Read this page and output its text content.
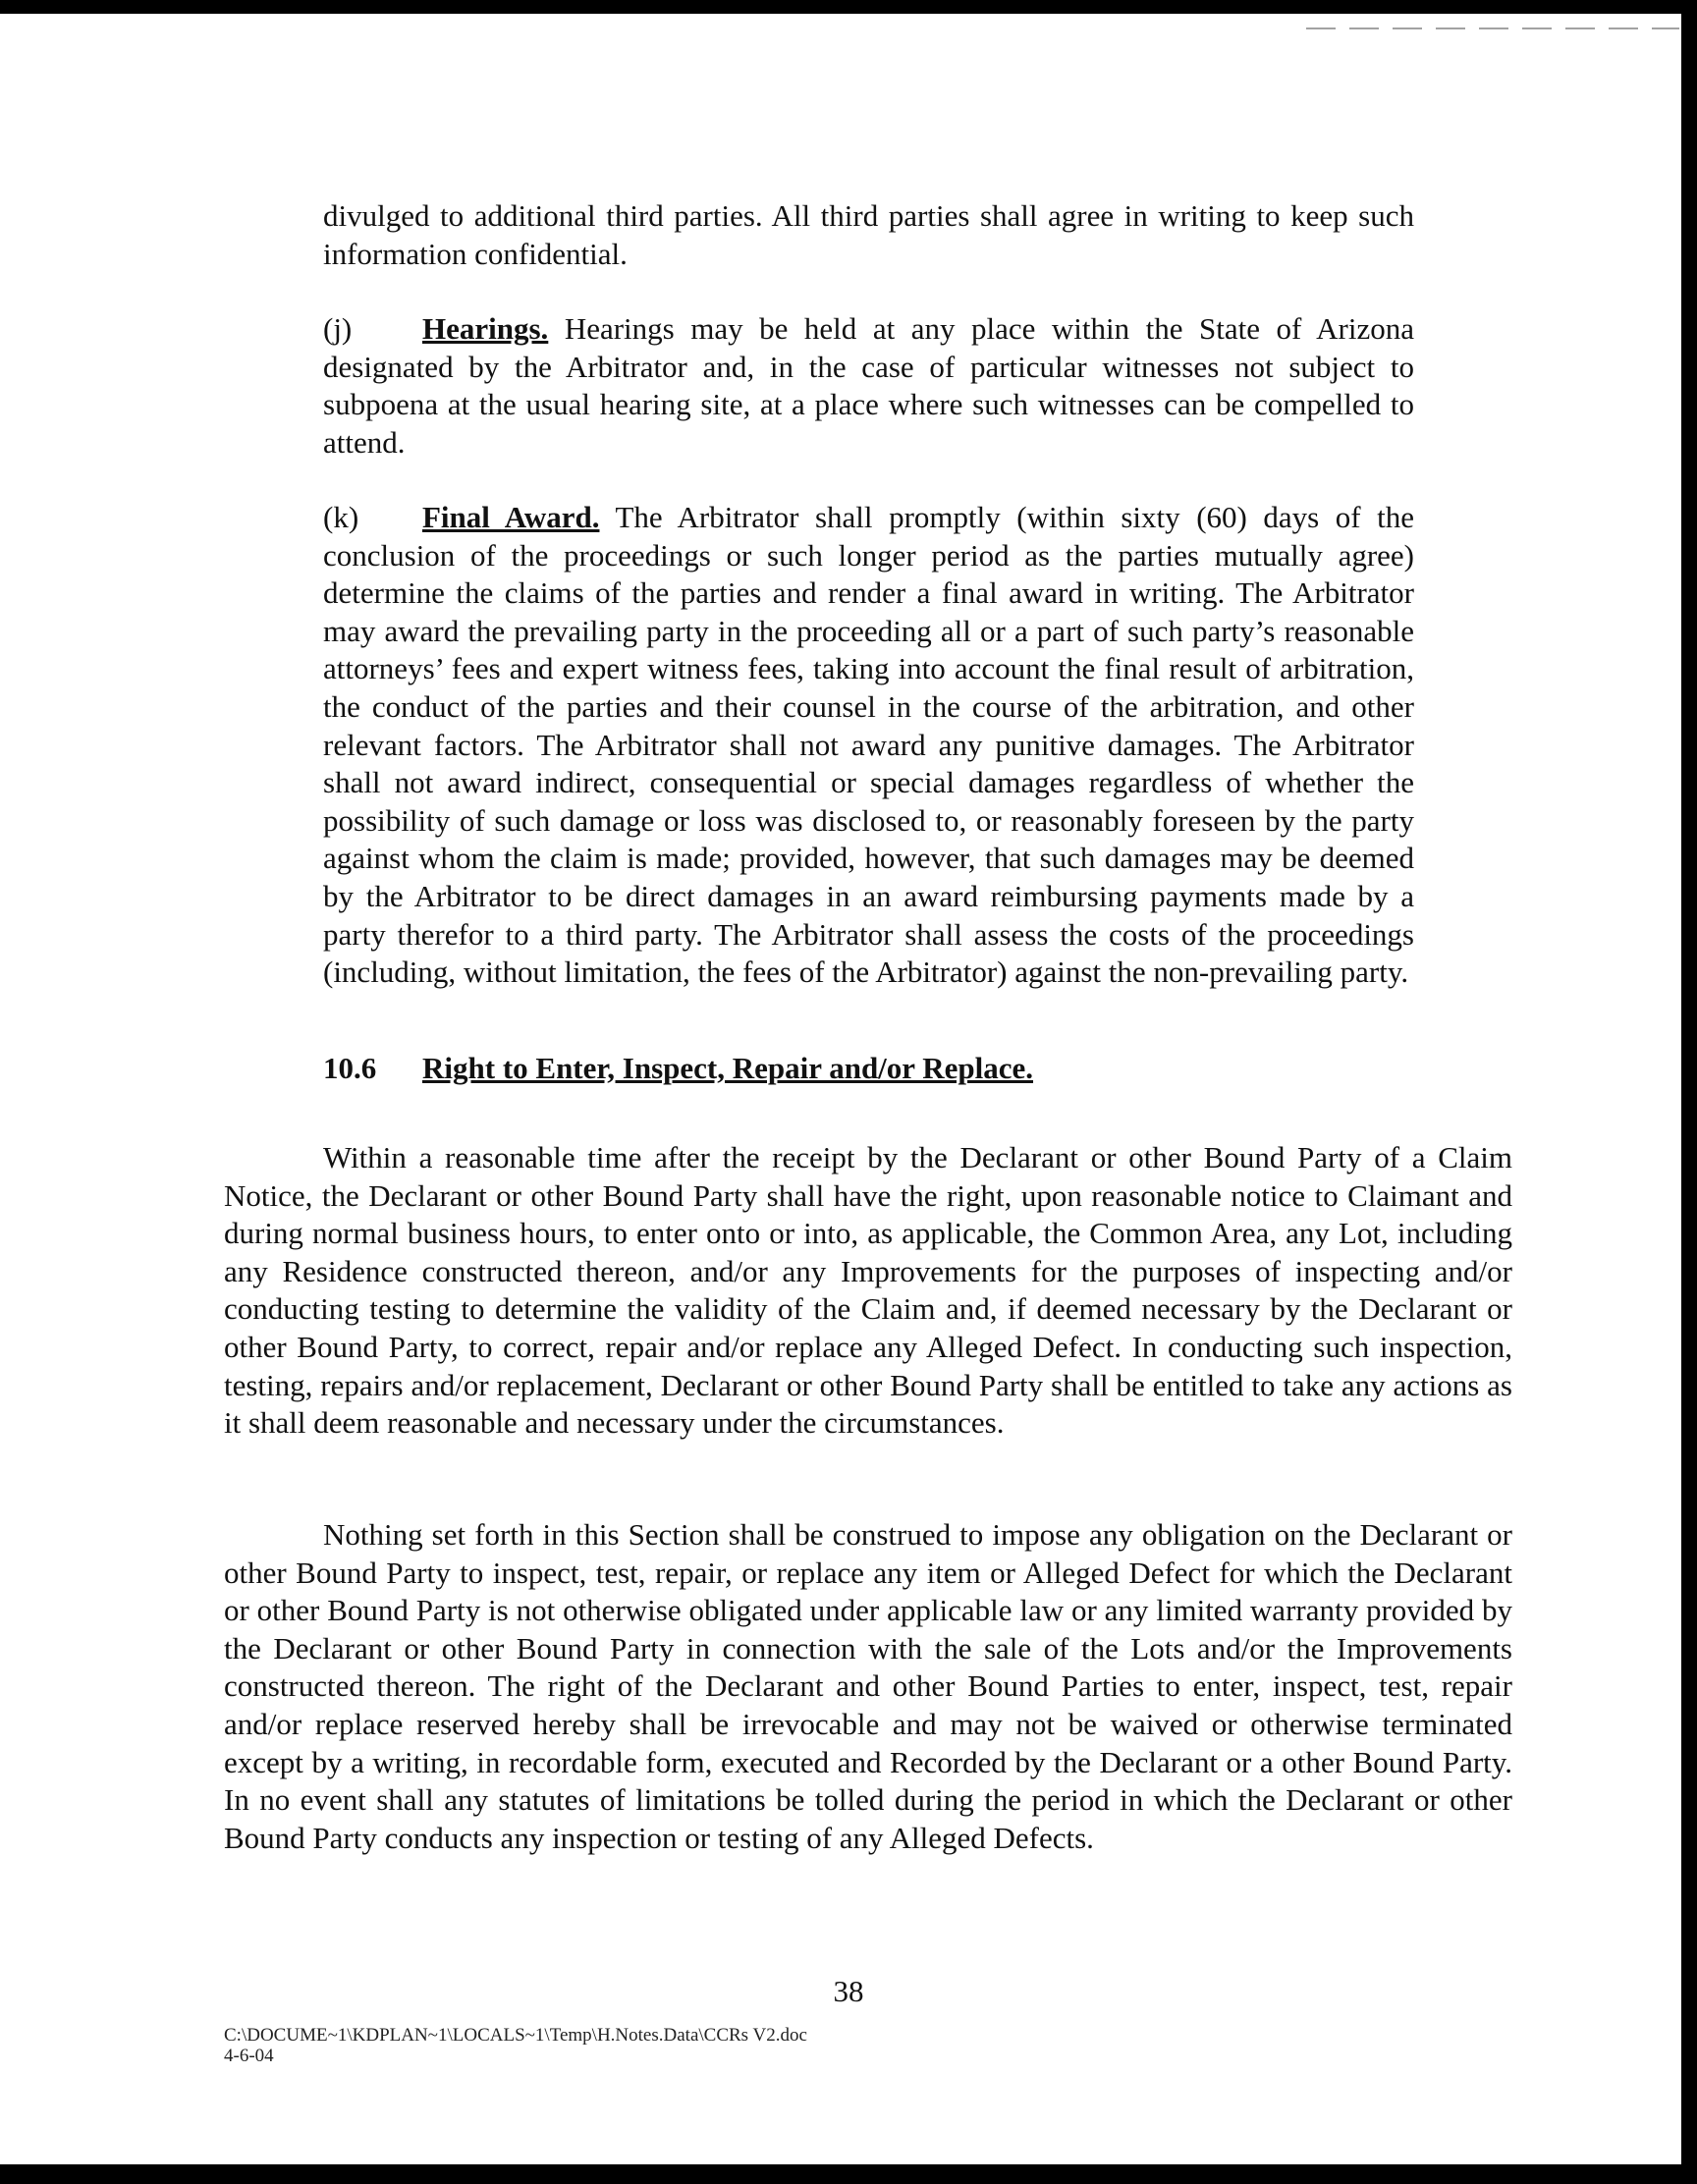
divulged to additional third parties. All third parties shall agree in writing to keep such information confidential.

(j) Hearings. Hearings may be held at any place within the State of Arizona designated by the Arbitrator and, in the case of particular witnesses not subject to subpoena at the usual hearing site, at a place where such witnesses can be compelled to attend.

(k) Final Award. The Arbitrator shall promptly (within sixty (60) days of the conclusion of the proceedings or such longer period as the parties mutually agree) determine the claims of the parties and render a final award in writing. The Arbitrator may award the prevailing party in the proceeding all or a part of such party’s reasonable attorneys’ fees and expert witness fees, taking into account the final result of arbitration, the conduct of the parties and their counsel in the course of the arbitration, and other relevant factors. The Arbitrator shall not award any punitive damages. The Arbitrator shall not award indirect, consequential or special damages regardless of whether the possibility of such damage or loss was disclosed to, or reasonably foreseen by the party against whom the claim is made; provided, however, that such damages may be deemed by the Arbitrator to be direct damages in an award reimbursing payments made by a party therefor to a third party. The Arbitrator shall assess the costs of the proceedings (including, without limitation, the fees of the Arbitrator) against the non-prevailing party.

10.6 Right to Enter, Inspect, Repair and/or Replace.

Within a reasonable time after the receipt by the Declarant or other Bound Party of a Claim Notice, the Declarant or other Bound Party shall have the right, upon reasonable notice to Claimant and during normal business hours, to enter onto or into, as applicable, the Common Area, any Lot, including any Residence constructed thereon, and/or any Improvements for the purposes of inspecting and/or conducting testing to determine the validity of the Claim and, if deemed necessary by the Declarant or other Bound Party, to correct, repair and/or replace any Alleged Defect. In conducting such inspection, testing, repairs and/or replacement, Declarant or other Bound Party shall be entitled to take any actions as it shall deem reasonable and necessary under the circumstances.

Nothing set forth in this Section shall be construed to impose any obligation on the Declarant or other Bound Party to inspect, test, repair, or replace any item or Alleged Defect for which the Declarant or other Bound Party is not otherwise obligated under applicable law or any limited warranty provided by the Declarant or other Bound Party in connection with the sale of the Lots and/or the Improvements constructed thereon. The right of the Declarant and other Bound Parties to enter, inspect, test, repair and/or replace reserved hereby shall be irrevocable and may not be waived or otherwise terminated except by a writing, in recordable form, executed and Recorded by the Declarant or a other Bound Party. In no event shall any statutes of limitations be tolled during the period in which the Declarant or other Bound Party conducts any inspection or testing of any Alleged Defects.

38

C:\DOCUME~1\KDPLAN~1\LOCALS~1\Temp\H.Notes.Data\CCRs V2.doc
4-6-04
